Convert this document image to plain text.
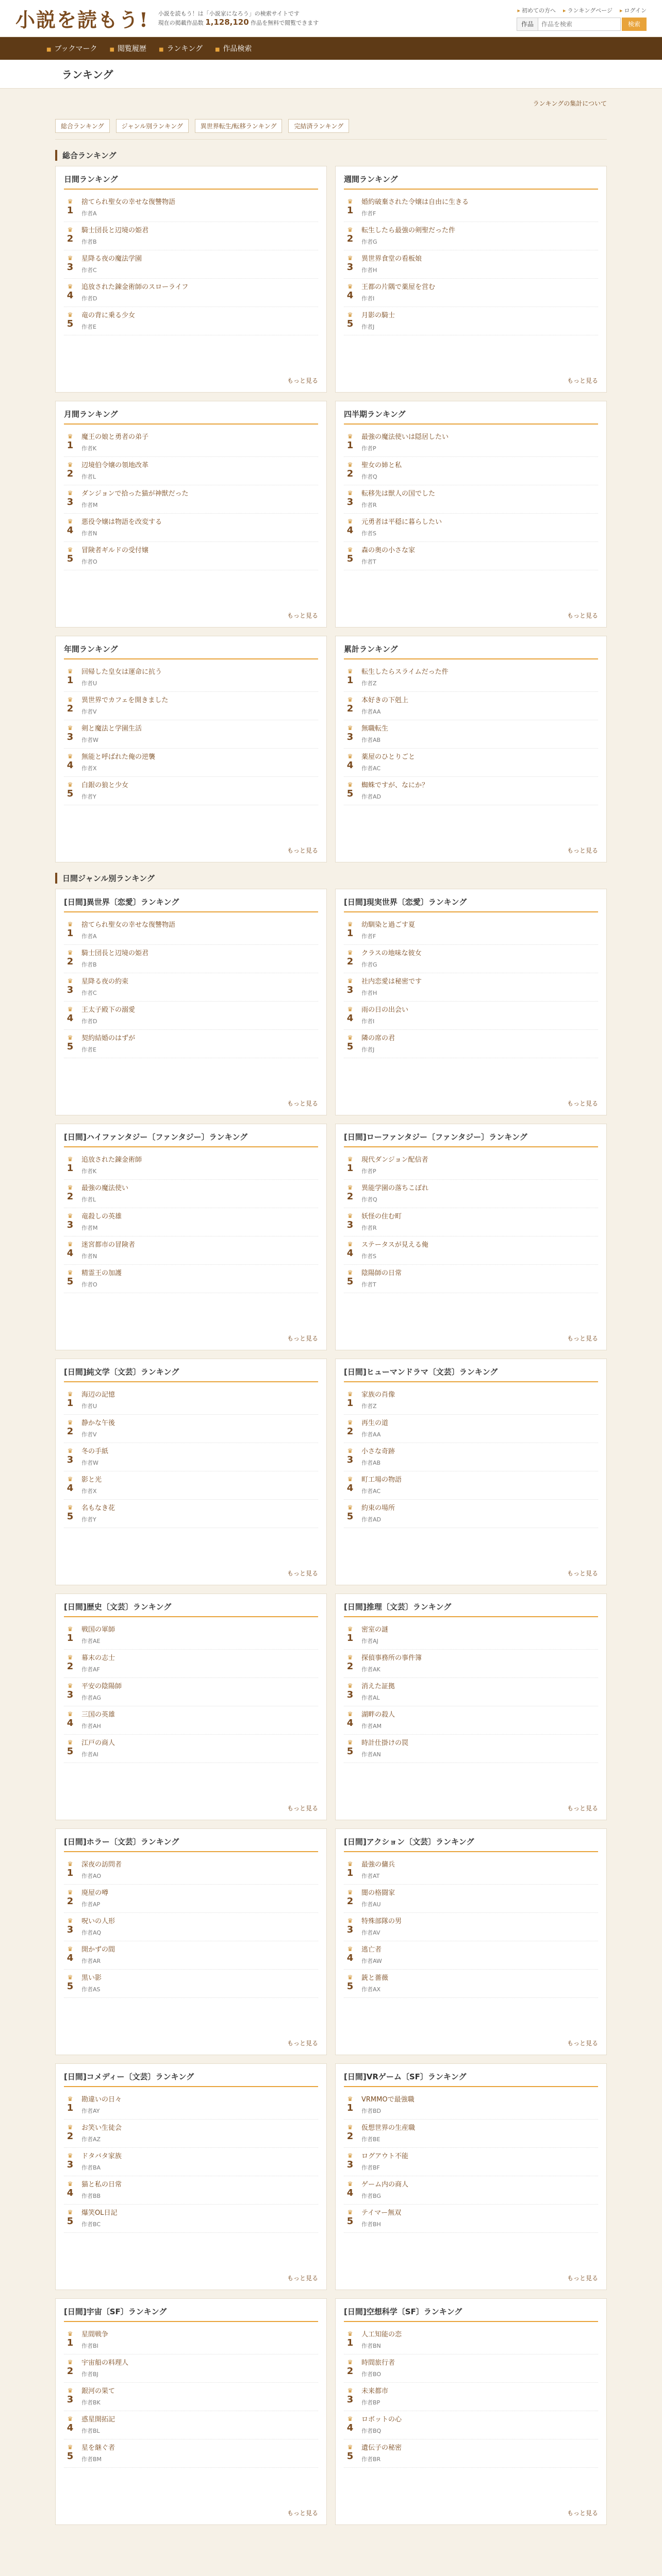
小説を読もう! 小説を読もう！は「小説家になろう」の検索サイトです
現在の掲載作品数 1,128,120 作品を無料で閲覧できます
▸ 初めての方へ	▸ ランキングページ	▸ ログイン
作品
作品を検索	検索
■ ブックマーク	■ 閲覧履歴	■ ランキング	■ 作品検索
ランキング
ランキングの集計について
総合ランキング	ジャンル別ランキング	異世界転生/転移ランキング	完結済ランキング
総合ランキング
日間ランキング
♛
1
捨てられ聖女の幸せな復讐物語
作者A
♛
2
騎士団長と辺境の姫君
作者B
♛
3
星降る夜の魔法学園
作者C
♛
4
追放された錬金術師のスローライフ
作者D
♛
5
竜の背に乗る少女
作者E
もっと見る
週間ランキング
♛
1
婚約破棄された令嬢は自由に生きる
作者F
♛
2
転生したら最強の剣聖だった件
作者G
♛
3
異世界食堂の看板娘
作者H
♛
4
王都の片隅で薬屋を営む
作者I
♛
5
月影の騎士
作者J
もっと見る
月間ランキング
♛
1
魔王の娘と勇者の弟子
作者K
♛
2
辺境伯令嬢の領地改革
作者L
♛
3
ダンジョンで拾った猫が神獣だった
作者M
♛
4
悪役令嬢は物語を改変する
作者N
♛
5
冒険者ギルドの受付嬢
作者O
もっと見る
四半期ランキング
♛
1
最強の魔法使いは隠居したい
作者P
♛
2
聖女の姉と私
作者Q
♛
3
転移先は獣人の国でした
作者R
♛
4
元勇者は平穏に暮らしたい
作者S
♛
5
森の奥の小さな家
作者T
もっと見る
年間ランキング
♛
1
回帰した皇女は運命に抗う
作者U
♛
2
異世界でカフェを開きました
作者V
♛
3
剣と魔法と学園生活
作者W
♛
4
無能と呼ばれた俺の逆襲
作者X
♛
5
白銀の狼と少女
作者Y
もっと見る
累計ランキング
♛
1
転生したらスライムだった件
作者Z
♛
2
本好きの下剋上
作者AA
♛
3
無職転生
作者AB
♛
4
薬屋のひとりごと
作者AC
♛
5
蜘蛛ですが、なにか？
作者AD
もっと見る
日間ジャンル別ランキング
[日間]異世界〔恋愛〕ランキング
♛
1
捨てられ聖女の幸せな復讐物語
作者A
♛
2
騎士団長と辺境の姫君
作者B
♛
3
星降る夜の約束
作者C
♛
4
王太子殿下の溺愛
作者D
♛
5
契約結婚のはずが
作者E
もっと見る
[日間]現実世界〔恋愛〕ランキング
♛
1
幼馴染と過ごす夏
作者F
♛
2
クラスの地味な彼女
作者G
♛
3
社内恋愛は秘密です
作者H
♛
4
雨の日の出会い
作者I
♛
5
隣の席の君
作者J
もっと見る
[日間]ハイファンタジー〔ファンタジー〕ランキング
♛
1
追放された錬金術師
作者K
♛
2
最強の魔法使い
作者L
♛
3
竜殺しの英雄
作者M
♛
4
迷宮都市の冒険者
作者N
♛
5
精霊王の加護
作者O
もっと見る
[日間]ローファンタジー〔ファンタジー〕ランキング
♛
1
現代ダンジョン配信者
作者P
♛
2
異能学園の落ちこぼれ
作者Q
♛
3
妖怪の住む町
作者R
♛
4
ステータスが見える俺
作者S
♛
5
陰陽師の日常
作者T
もっと見る
[日間]純文学〔文芸〕ランキング
♛
1
海辺の記憶
作者U
♛
2
静かな午後
作者V
♛
3
冬の手紙
作者W
♛
4
影と光
作者X
♛
5
名もなき花
作者Y
もっと見る
[日間]ヒューマンドラマ〔文芸〕ランキング
♛
1
家族の肖像
作者Z
♛
2
再生の道
作者AA
♛
3
小さな奇跡
作者AB
♛
4
町工場の物語
作者AC
♛
5
約束の場所
作者AD
もっと見る
[日間]歴史〔文芸〕ランキング
♛
1
戦国の軍師
作者AE
♛
2
幕末の志士
作者AF
♛
3
平安の陰陽師
作者AG
♛
4
三国の英雄
作者AH
♛
5
江戸の商人
作者AI
もっと見る
[日間]推理〔文芸〕ランキング
♛
1
密室の謎
作者AJ
♛
2
探偵事務所の事件簿
作者AK
♛
3
消えた証拠
作者AL
♛
4
湖畔の殺人
作者AM
♛
5
時計仕掛けの罠
作者AN
もっと見る
[日間]ホラー〔文芸〕ランキング
♛
1
深夜の訪問者
作者AO
♛
2
廃屋の噂
作者AP
♛
3
呪いの人形
作者AQ
♛
4
開かずの間
作者AR
♛
5
黒い影
作者AS
もっと見る
[日間]アクション〔文芸〕ランキング
♛
1
最強の傭兵
作者AT
♛
2
闇の格闘家
作者AU
♛
3
特殊部隊の男
作者AV
♛
4
逃亡者
作者AW
♛
5
銃と薔薇
作者AX
もっと見る
[日間]コメディー〔文芸〕ランキング
♛
1
勘違いの日々
作者AY
♛
2
お笑い生徒会
作者AZ
♛
3
ドタバタ家族
作者BA
♛
4
猫と私の日常
作者BB
♛
5
爆笑OL日記
作者BC
もっと見る
[日間]VRゲーム〔SF〕ランキング
♛
1
VRMMOで最強職
作者BD
♛
2
仮想世界の生産職
作者BE
♛
3
ログアウト不能
作者BF
♛
4
ゲーム内の商人
作者BG
♛
5
テイマー無双
作者BH
もっと見る
[日間]宇宙〔SF〕ランキング
♛
1
星間戦争
作者BI
♛
2
宇宙船の料理人
作者BJ
♛
3
銀河の果て
作者BK
♛
4
惑星開拓記
作者BL
♛
5
星を継ぐ者
作者BM
もっと見る
[日間]空想科学〔SF〕ランキング
♛
1
人工知能の恋
作者BN
♛
2
時間旅行者
作者BO
♛
3
未来都市
作者BP
♛
4
ロボットの心
作者BQ
♛
5
遺伝子の秘密
作者BR
もっと見る
